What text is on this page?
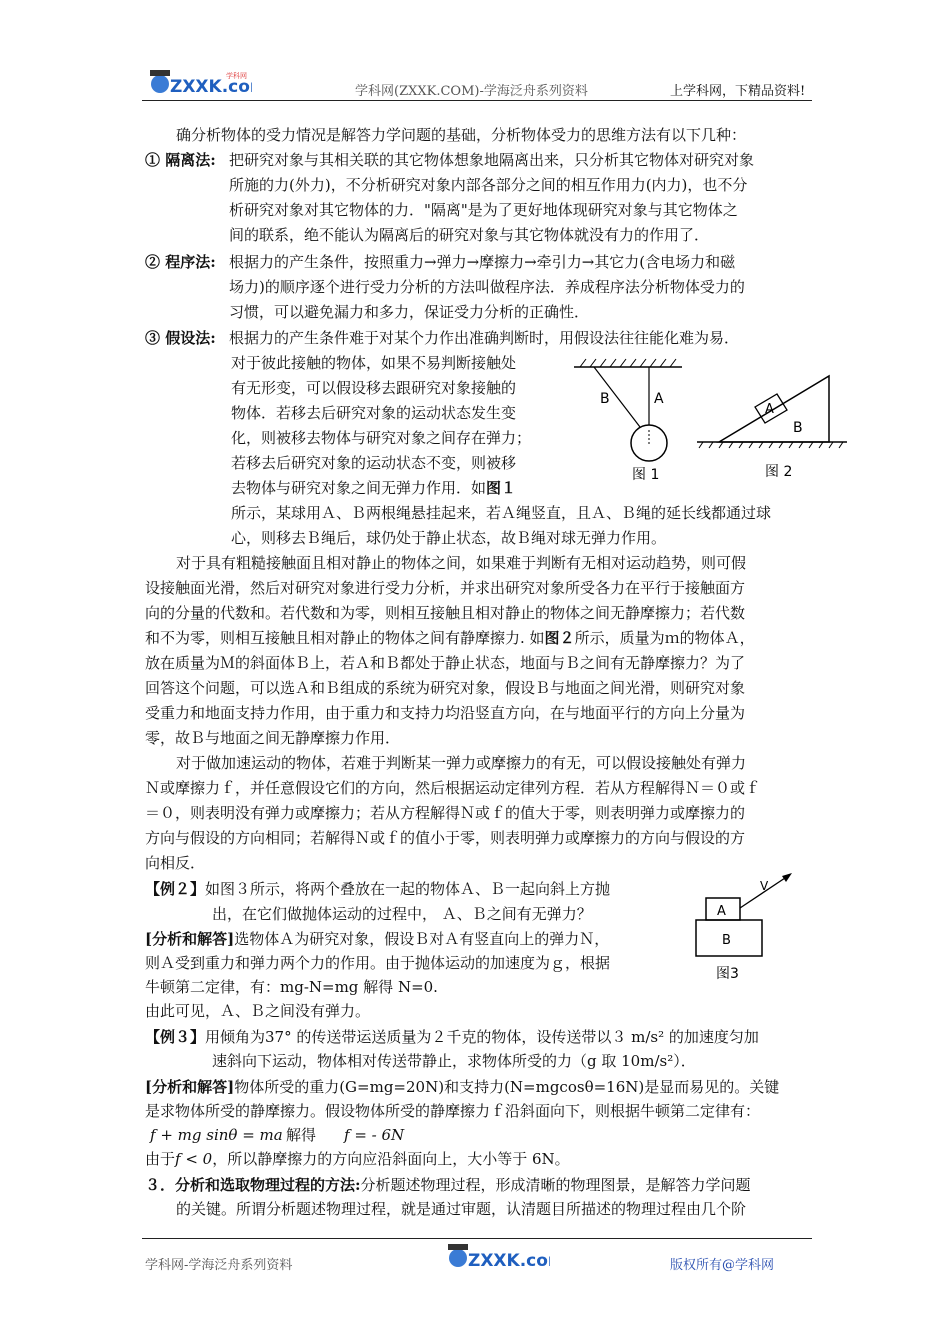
ZXXK.co
学科网
学科网(ZXXK.COM)-学海泛舟系列资料	上学科网，下精品资料!
确分析物体的受力情况是解答力学问题的基础，分析物体受力的思维方法有以下几种：
① 隔离法: 把研究对象与其相关联的其它物体想象地隔离出来，只分析其它物体对研究对象
所施的力(外力)，不分析研究对象内部各部分之间的相互作用力(内力)，也不分
析研究对象对其它物体的力．"隔离"是为了更好地体现研究对象与其它物体之
间的联系，绝不能认为隔离后的研究对象与其它物体就没有力的作用了．
② 程序法: 根据力的产生条件，按照重力→弹力→摩擦力→牵引力→其它力(含电场力和磁
场力)的顺序逐个进行受力分析的方法叫做程序法．养成程序法分析物体受力的
习惯，可以避免漏力和多力，保证受力分析的正确性．
③ 假设法: 根据力的产生条件难于对某个力作出准确判断时，用假设法往往能化难为易．
对于彼此接触的物体，如果不易判断接触处
有无形变，可以假设移去跟研究对象接触的
物体．若移去后研究对象的运动状态发生变
化，则被移去物体与研究对象之间存在弹力；
若移去后研究对象的运动状态不变，则被移
去物体与研究对象之间无弹力作用．如图１
所示，某球用Ａ、Ｂ两根绳悬挂起来，若Ａ绳竖直，且Ａ、Ｂ绳的延长线都通过球
心，则移去Ｂ绳后，球仍处于静止状态，故Ｂ绳对球无弹力作用。
B	A
图 1
A
B
图 2
对于具有粗糙接触面且相对静止的物体之间，如果难于判断有无相对运动趋势，则可假
设接触面光滑，然后对研究对象进行受力分析，并求出研究对象所受各力在平行于接触面方
向的分量的代数和。若代数和为零，则相互接触且相对静止的物体之间无静摩擦力；若代数
和不为零，则相互接触且相对静止的物体之间有静摩擦力. 如图２所示，质量为ｍ的物体Ａ，
放在质量为Ｍ的斜面体Ｂ上，若Ａ和Ｂ都处于静止状态，地面与Ｂ之间有无静摩擦力？为了
回答这个问题，可以选Ａ和Ｂ组成的系统为研究对象，假设Ｂ与地面之间光滑，则研究对象
受重力和地面支持力作用，由于重力和支持力均沿竖直方向，在与地面平行的方向上分量为
零，故Ｂ与地面之间无静摩擦力作用．
对于做加速运动的物体，若难于判断某一弹力或摩擦力的有无，可以假设接触处有弹力
Ｎ或摩擦力ｆ，并任意假设它们的方向，然后根据运动定律列方程．若从方程解得Ｎ＝０或ｆ
＝０，则表明没有弹力或摩擦力；若从方程解得Ｎ或ｆ的值大于零，则表明弹力或摩擦力的
方向与假设的方向相同；若解得Ｎ或ｆ的值小于零，则表明弹力或摩擦力的方向与假设的方
向相反．
【例２】如图３所示，将两个叠放在一起的物体Ａ、Ｂ一起向斜上方抛
出，在它们做抛体运动的过程中， Ａ、Ｂ之间有无弹力？
[分析和解答]选物体Ａ为研究对象，假设Ｂ对Ａ有竖直向上的弹力Ｎ，
则Ａ受到重力和弹力两个力的作用。由于抛体运动的加速度为ｇ，根据
牛顿第二定律，有：mg-N=mg 解得 N=0.
由此可见，Ａ、Ｂ之间没有弹力。
V
A
B
图3
【例３】用倾角为37° 的传送带运送质量为２千克的物体，设传送带以３ m/s² 的加速度匀加
速斜向下运动，物体相对传送带静止，求物体所受的力（g 取 10m/s²）．
[分析和解答]物体所受的重力(G=mg=20N)和支持力(N=mgcosθ=16N)是显而易见的。关键
是求物体所受的静摩擦力。假设物体所受的静摩擦力ｆ沿斜面向下，则根据牛顿第二定律有：
f + mg sinθ = ma 解得 f = - 6N
由于f < 0，所以静摩擦力的方向应沿斜面向上，大小等于 6N。
３．分析和选取物理过程的方法:分析题述物理过程，形成清晰的物理图景，是解答力学问题
的关键。所谓分析题述物理过程，就是通过审题，认清题目所描述的物理过程由几个阶
学科网-学海泛舟系列资料	ZXXK.co	版权所有@学科网
